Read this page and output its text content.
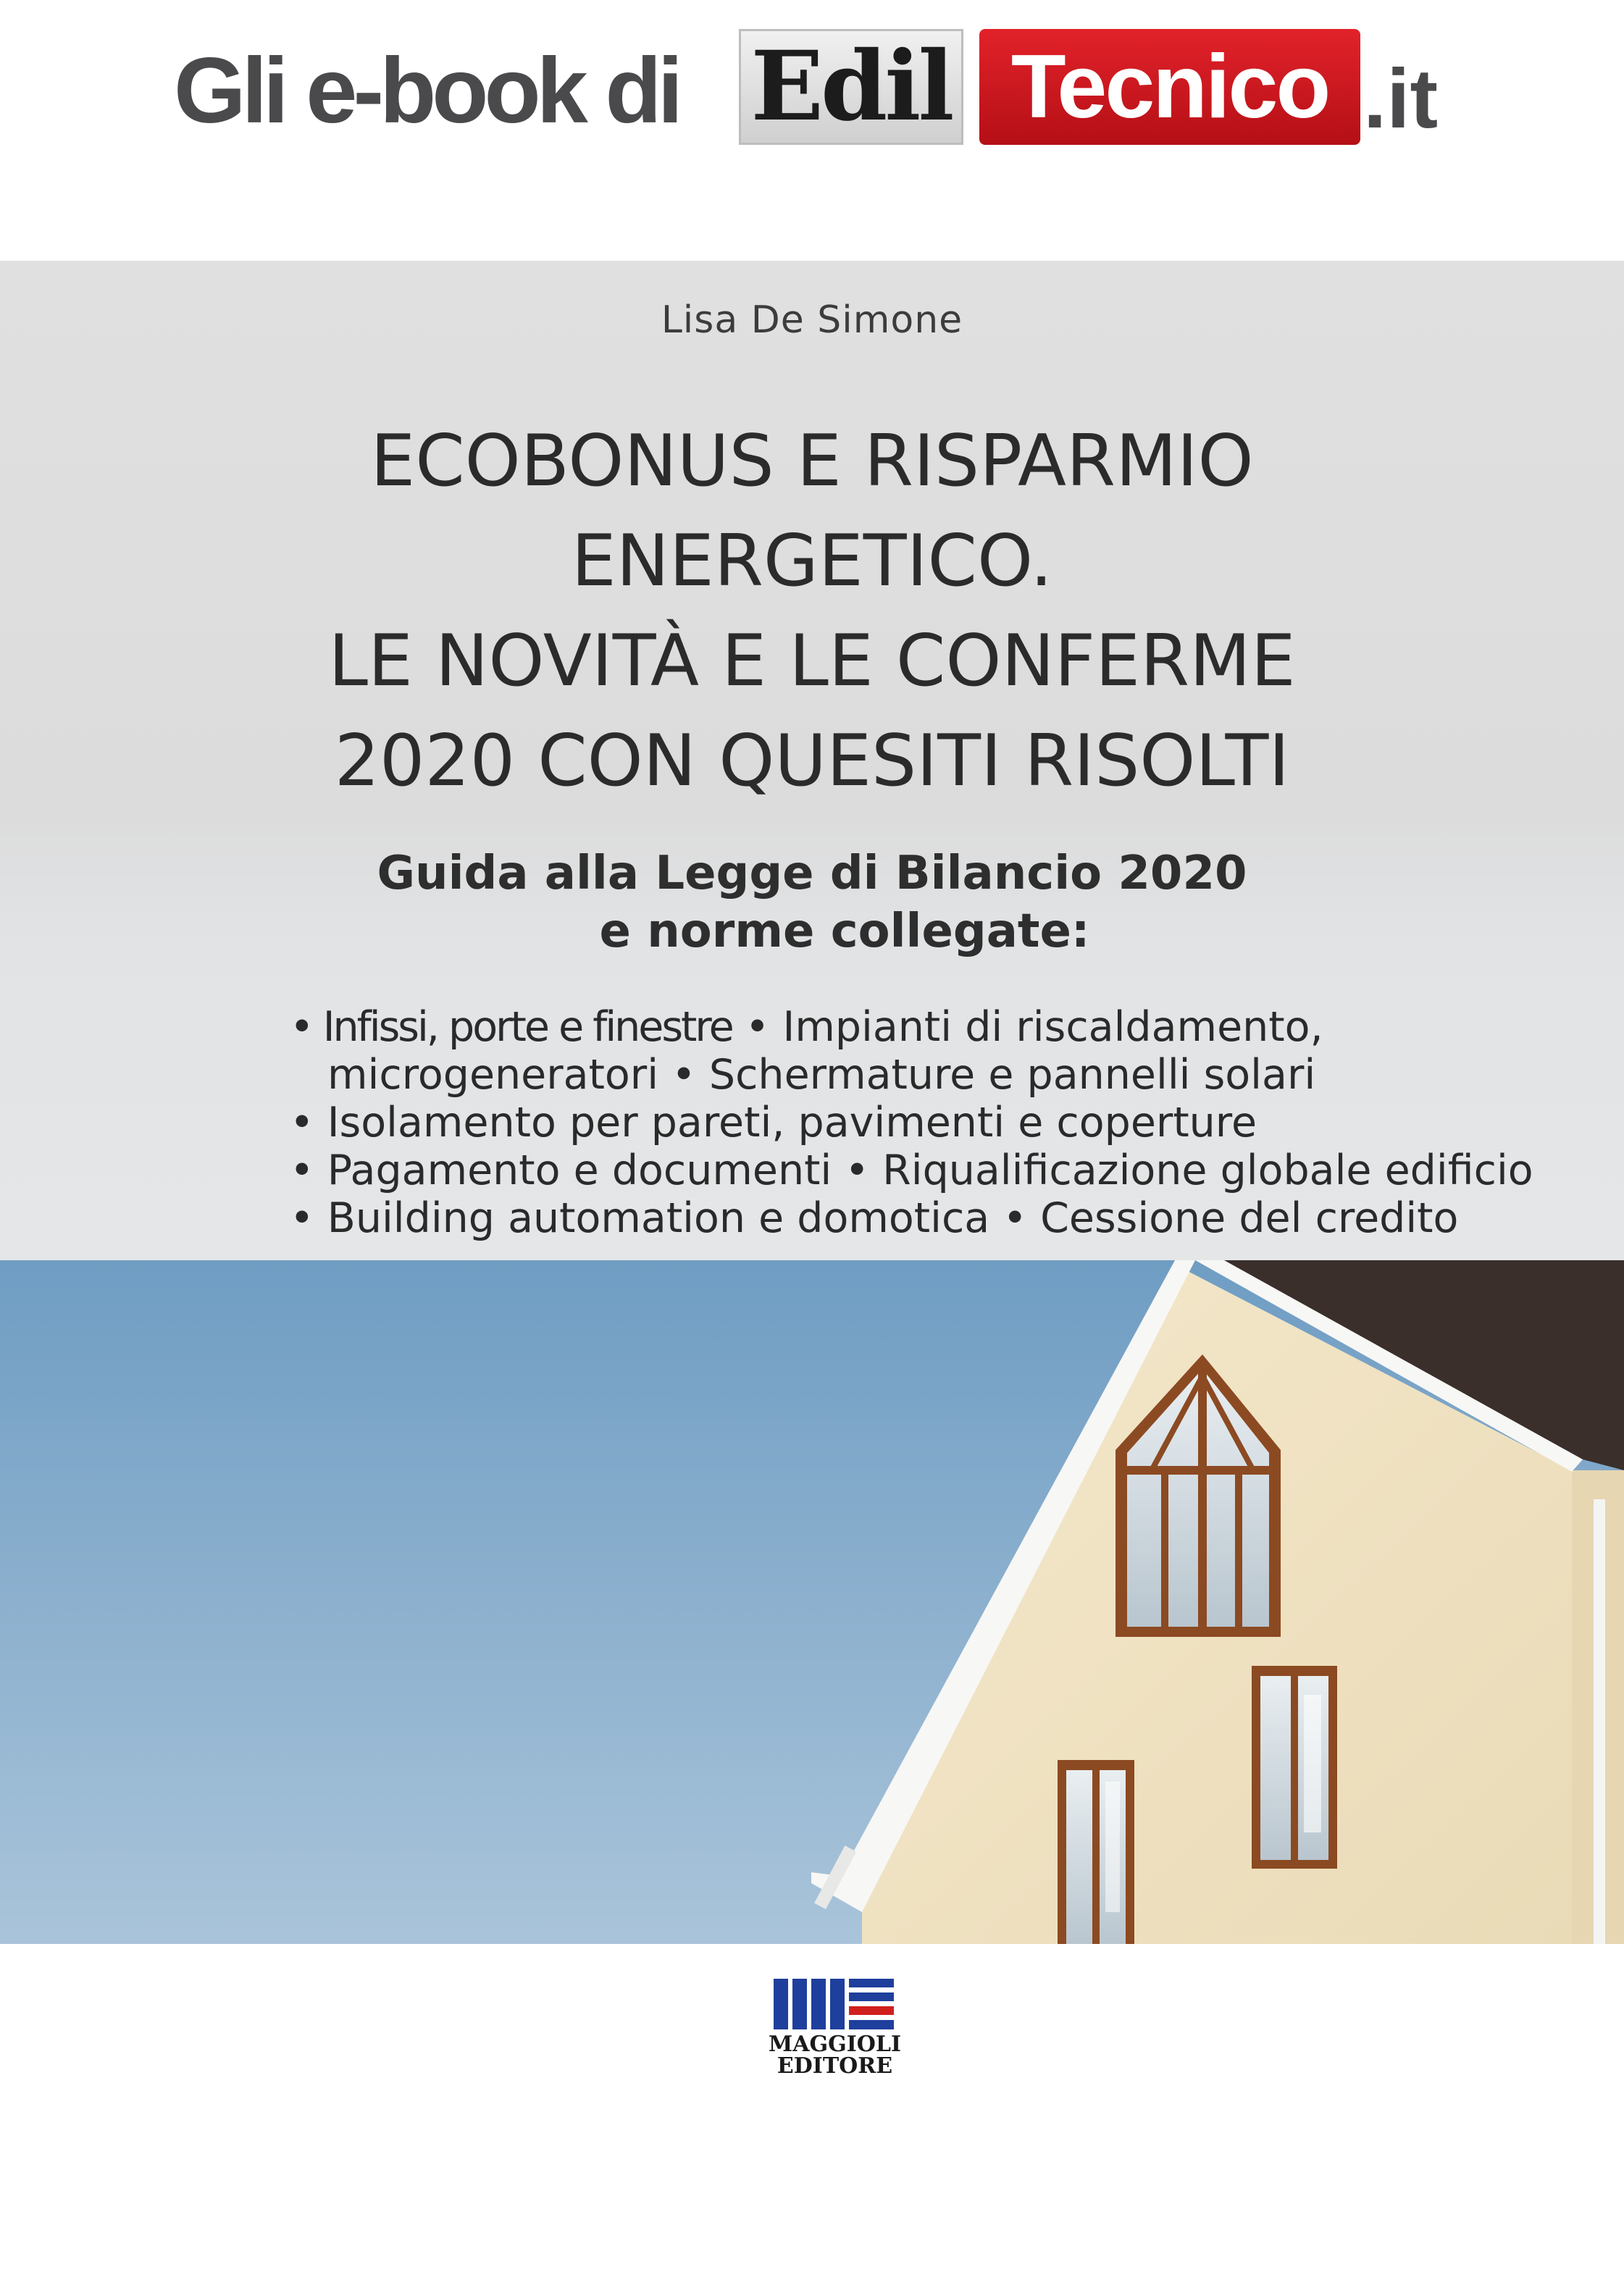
Gli e-book di Edil Tecnico .it
Lisa De Simone
ECOBONUS E RISPARMIO
ENERGETICO.
LE NOVITÀ E LE CONFERME
2020 CON QUESITI RISOLTI
Guida alla Legge di Bilancio 2020
e norme collegate:
• Infissi, porte e finestre • Impianti di riscaldamento,
microgeneratori • Schermature e pannelli solari
• Isolamento per pareti, pavimenti e coperture
• Pagamento e documenti • Riqualificazione globale edificio
• Building automation e domotica • Cessione del credito
MAGGIOLI
EDITORE
